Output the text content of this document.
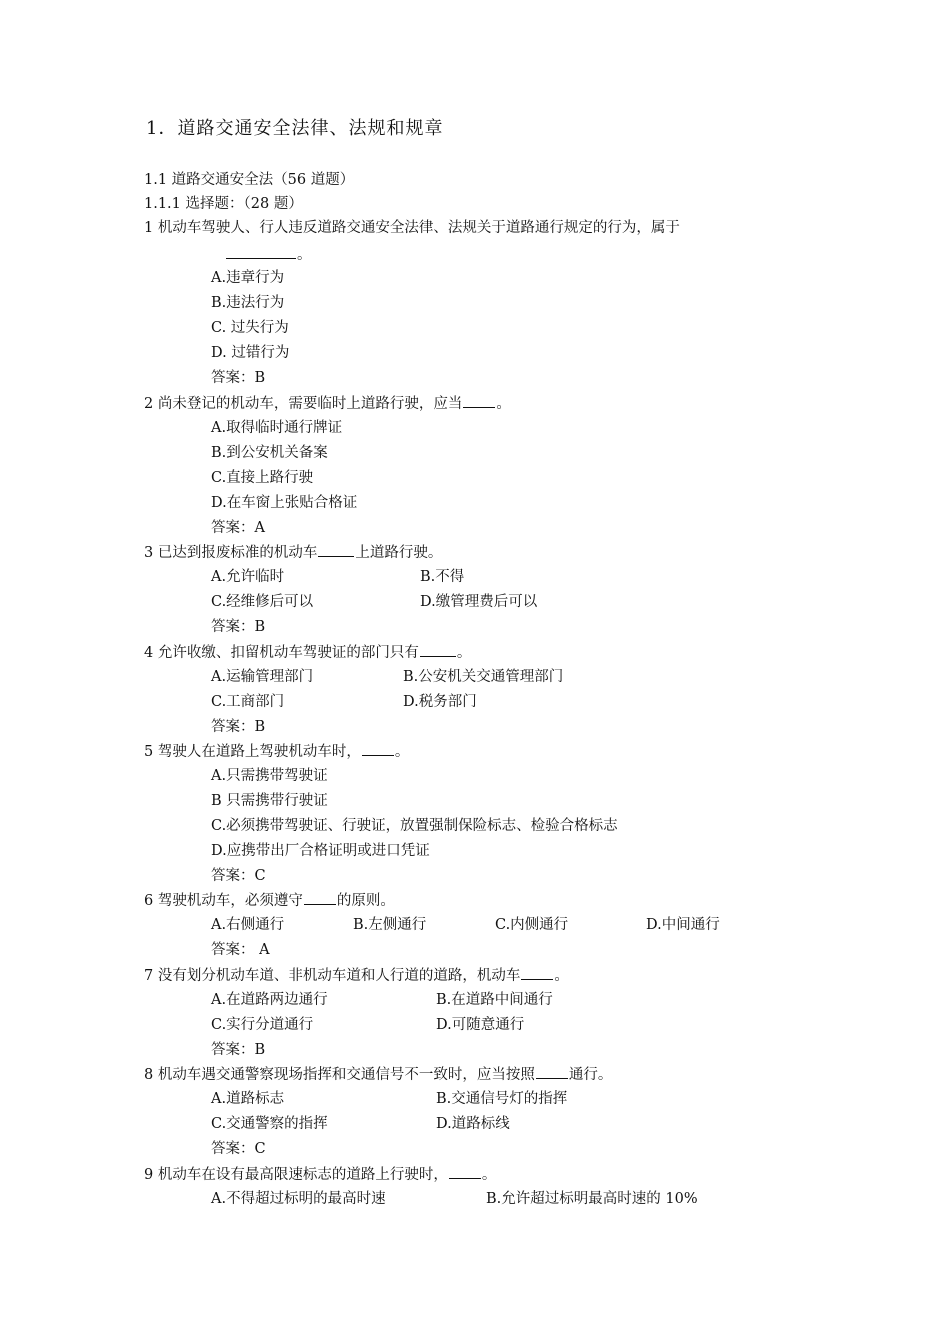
1．道路交通安全法律、法规和规章
1.1 道路交通安全法（56 道题）
1.1.1 选择题：（28 题）
1 机动车驾驶人、行人违反道路交通安全法律、法规关于道路通行规定的行为，属于
。
A.违章行为
B.违法行为
C. 过失行为
D. 过错行为
答案：B
2 尚未登记的机动车，需要临时上道路行驶，应当 。
A.取得临时通行牌证
B.到公安机关备案
C.直接上路行驶
D.在车窗上张贴合格证
答案：A
3 已达到报废标准的机动车	上道路行驶。
A.允许临时	B.不得
C.经维修后可以	D.缴管理费后可以
答案：B
4 允许收缴、扣留机动车驾驶证的部门只有	。
A.运输管理部门	B.公安机关交通管理部门
C.工商部门	D.税务部门
答案：B
5 驾驶人在道路上驾驶机动车时， 。
A.只需携带驾驶证
B 只需携带行驶证
C.必须携带驾驶证、行驶证，放置强制保险标志、检验合格标志
D.应携带出厂合格证明或进口凭证
答案：C
6 驾驶机动车，必须遵守 的原则。
A.右侧通行	B.左侧通行	C.内侧通行	D.中间通行
答案： A
7 没有划分机动车道、非机动车道和人行道的道路，机动车 。
A.在道路两边通行	B.在道路中间通行
C.实行分道通行	D.可随意通行
答案：B
8 机动车遇交通警察现场指挥和交通信号不一致时，应当按照 通行。
A.道路标志	B.交通信号灯的指挥
C.交通警察的指挥	D.道路标线
答案：C
9 机动车在设有最高限速标志的道路上行驶时， 。
A.不得超过标明的最高时速	B.允许超过标明最高时速的 10%
